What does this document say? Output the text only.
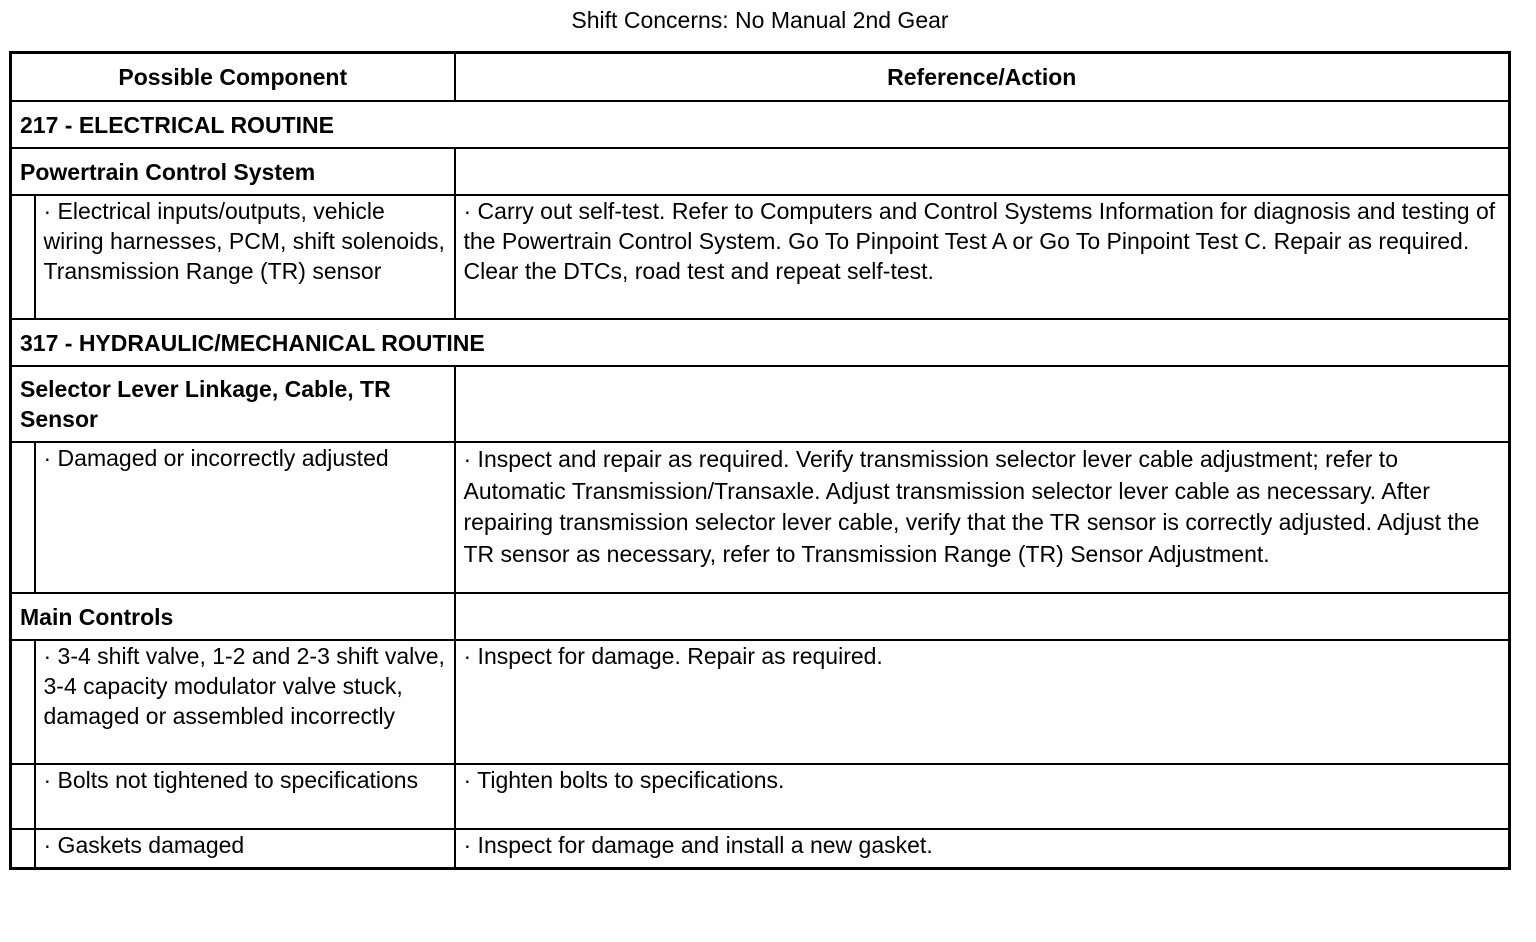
Shift Concerns: No Manual 2nd Gear
Possible Component		Reference/Action
217 - ELECTRICAL ROUTINE		
Powertrain Control System		
	· Electrical inputs/outputs, vehicle wiring harnesses, PCM, shift solenoids, Transmission Range (TR) sensor	· Carry out self-test. Refer to Computers and Control Systems Information for diagnosis and testing of the Powertrain Control System. Go To Pinpoint Test A or Go To Pinpoint Test C. Repair as required. Clear the DTCs, road test and repeat self-test.
317 - HYDRAULIC/MECHANICAL ROUTINE		
Selector Lever Linkage, Cable, TR Sensor		
	· Damaged or incorrectly adjusted	· Inspect and repair as required. Verify transmission selector lever cable adjustment; refer to Automatic Transmission/Transaxle. Adjust transmission selector lever cable as necessary. After repairing transmission selector lever cable, verify that the TR sensor is correctly adjusted. Adjust the TR sensor as necessary, refer to Transmission Range (TR) Sensor Adjustment.
Main Controls		
	· 3-4 shift valve, 1-2 and 2-3 shift valve, 3-4 capacity modulator valve stuck, damaged or assembled incorrectly	· Inspect for damage. Repair as required.
	· Bolts not tightened to specifications	· Tighten bolts to specifications.
	· Gaskets damaged	· Inspect for damage and install a new gasket.
